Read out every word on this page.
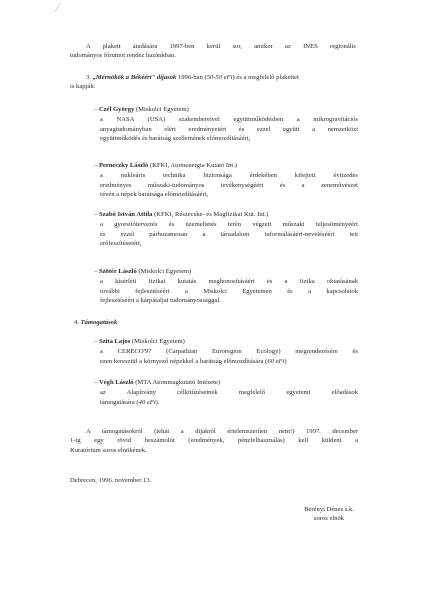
A plakett átadására 1997-ben kerül sor, amikor az INES regionális

tudományos fórumot rendez hazánkban.

3. „Mérnökök a Békéért" díjasok 1996-ban (50-50 eFt) és a megfelelő plakettet

is kapják:

– Czél György (Miskolci Egyetem)

a NASA (USA) szakembereivel együttműködésben a mikrogravitációs

anyagtudományban elért eredményeiért és ezzel együtt a nemzetközi

együttműködés és barátság szellemének előmozdításáért,

– Perneczky László (KFKI, Atomenergia Kutató Int.)

a nukleáris technika biztonsága érdekében kifejtett évtizedes

eredményes műszaki-tudományos tevékenységéért és a zeneművészet

révén a népek barátsága előmozdításáért,

– Szabó István Attila (KFKI, Részecske- és Magfizikai Kut. Int.)

a gyorsítótervezés és üzemeltetés terén végzett műszaki teljesítményéért

és ezzel párhuzamosan a társadalom informálásáért-neveléséért tett

erőfeszítéseiért,

– Szötér László (Miskolci Egyetem)

a kísérleti fizikai kutatás meghonosításáért és a fizika oktatásának

további fejlesztéséért a Miskolci Egyetemen és a kapcsolatok

fejlesztéséért a kárpátaljai tudományossággal.

4. Támogatások

– Szita Lajos (Miskolci Egyetem)

a CERECO'97 (Carpathian Euroregion Ecology) megrendezésére és

ezen keresztül a környező népekkel a barátság előmozdítására (60 eFt)

– Végh László (MTA Atommagkutató Intézete)

az Alapítvány célkitűzéseinek megfelelő egyetemi előadások

támogatására (40 eFt).

A támogatásokról (tehát a díjakról értelemszerűen nem!) 1997. december

1-ig egy rövid beszámolót (eredmények, pénzfelhasználás) kell küldeni a

Kuratórium soros elnökének.

Debrecen, 1996. november 13.

Berényi Dénes s.k.

soros elnök
